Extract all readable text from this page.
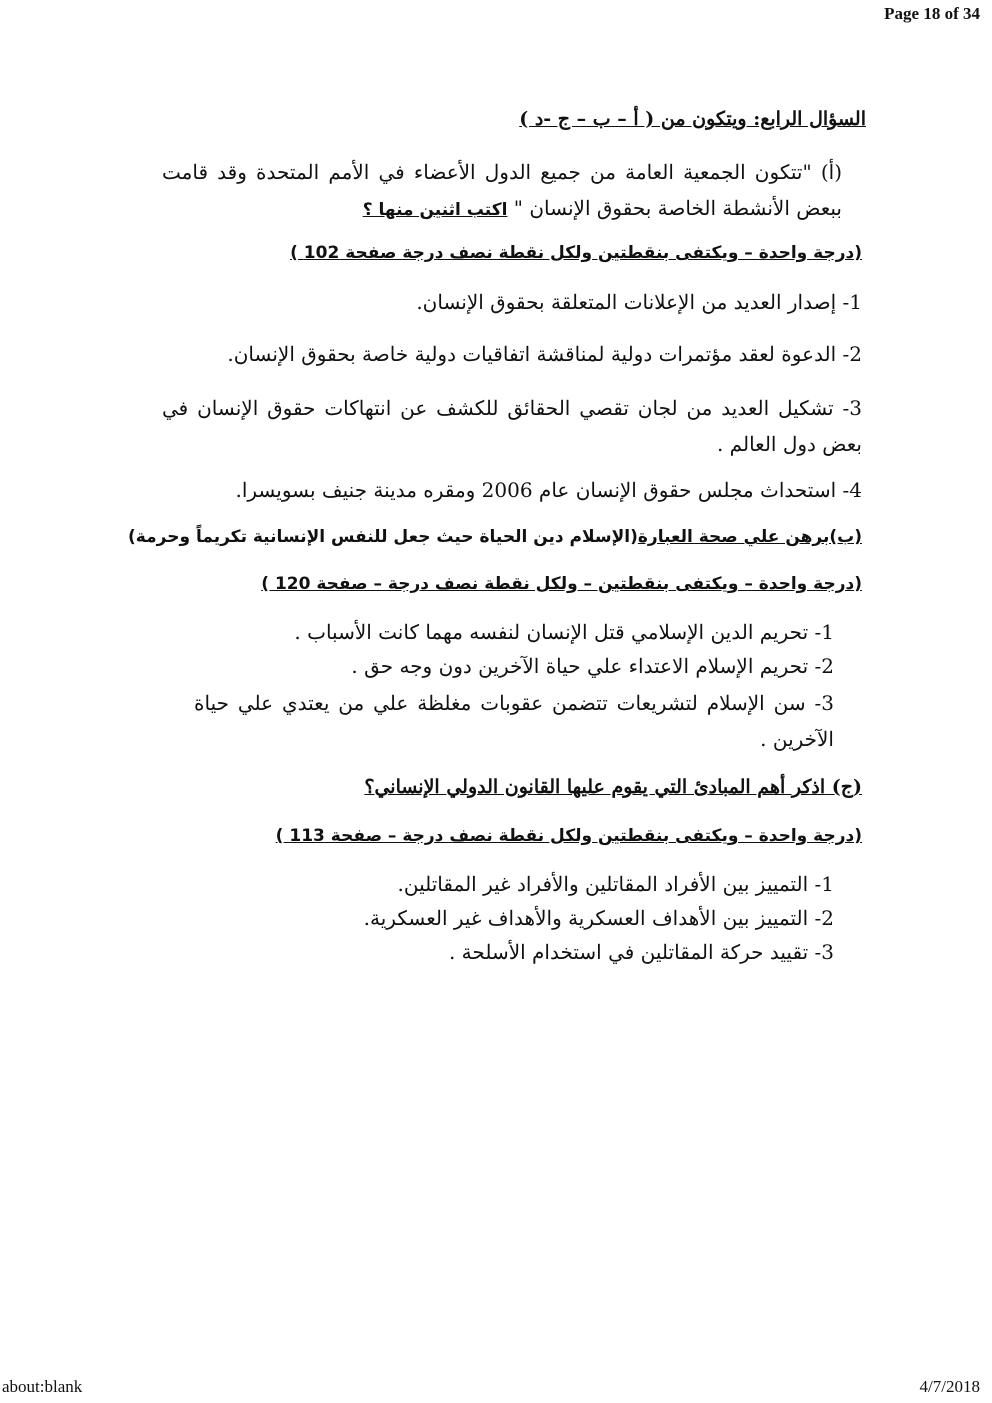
Page 18 of 34
السؤال الرابع: ويتكون من ( أ – ب – ج -د )
(أ) "تتكون الجمعية العامة من جميع الدول الأعضاء في الأمم المتحدة وقد قامت ببعض الأنشطة الخاصة بحقوق الإنسان " اكتب اثنين منها ؟
(درجة واحدة – ويكتفى بنقطتين ولكل نقطة نصف درجة صفحة 102 )
1- إصدار العديد من الإعلانات المتعلقة بحقوق الإنسان.
2- الدعوة لعقد مؤتمرات دولية لمناقشة اتفاقيات دولية خاصة بحقوق الإنسان.
3- تشكيل العديد من لجان تقصي الحقائق للكشف عن انتهاكات حقوق الإنسان في بعض دول العالم .
4- استحداث مجلس حقوق الإنسان عام 2006 ومقره مدينة جنيف بسويسرا.
(ب)برهن علي صحة العبارة(الإسلام دين الحياة حيث جعل للنفس الإنسانية تكريماً وحرمة)
(درجة واحدة – ويكتفى بنقطتين – ولكل نقطة نصف درجة – صفحة 120 )
1- تحريم الدين الإسلامي قتل الإنسان لنفسه مهما كانت الأسباب .
2- تحريم الإسلام الاعتداء علي حياة الآخرين دون وجه حق .
3- سن الإسلام لتشريعات تتضمن عقوبات مغلظة علي من يعتدي علي حياة الآخرين .
(ج) اذكر أهم المبادئ التي يقوم عليها القانون الدولي الإنساني؟
(درجة واحدة – ويكتفى بنقطتين ولكل نقطة نصف درجة – صفحة 113 )
1- التمييز بين الأفراد المقاتلين والأفراد غير المقاتلين.
2- التمييز بين الأهداف العسكرية والأهداف غير العسكرية.
3- تقييد حركة المقاتلين في استخدام الأسلحة .
about:blank	4/7/2018
